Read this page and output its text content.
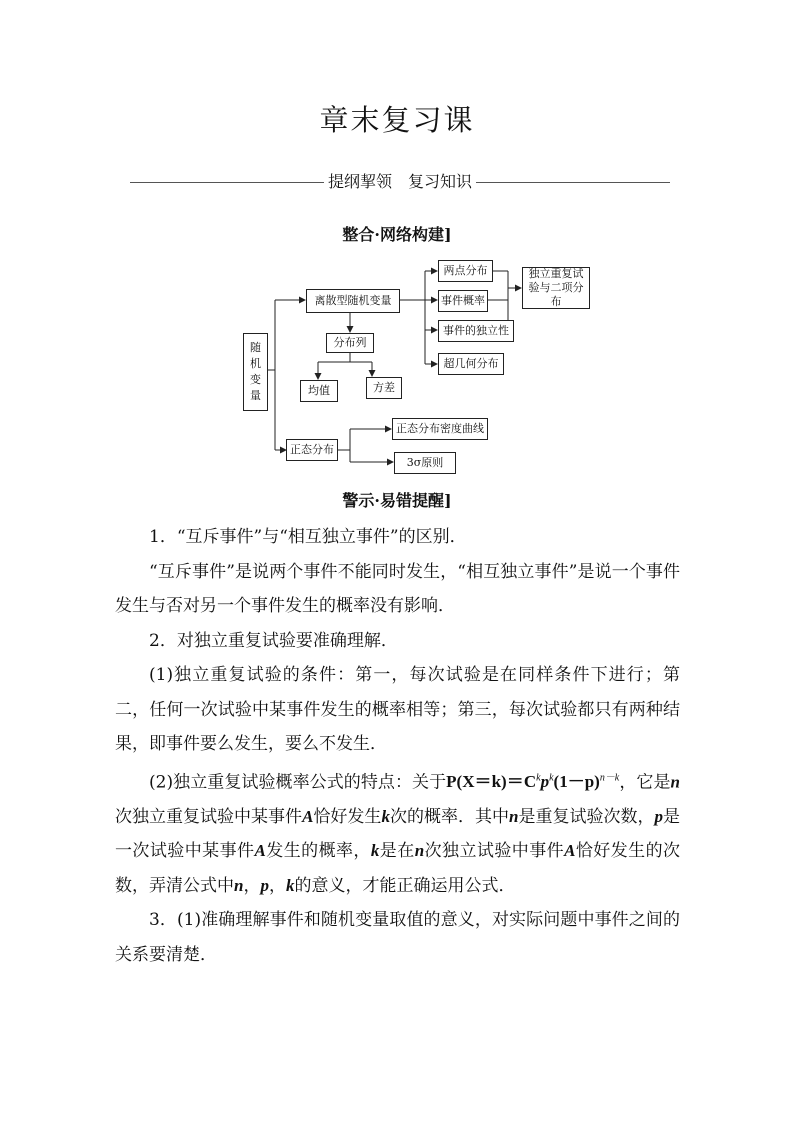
章末复习课
提纲挈领　复习知识
整合·网络构建]
随
机
变
量
离散型随机变量
分布列
均值	方差
两点分布
事件概率
事件的独立性
超几何分布
独立重复试验与二项分布
正态分布
正态分布密度曲线
3σ原则
警示·易错提醒]

1．“互斥事件”与“相互独立事件”的区别．

“互斥事件”是说两个事件不能同时发生，“相互独立事件”是说一个事件发生与否对另一个事件发生的概率没有影响．

2．对独立重复试验要准确理解．

(1)独立重复试验的条件：第一，每次试验是在同样条件下进行；第二，任何一次试验中某事件发生的概率相等；第三，每次试验都只有两种结果，即事件要么发生，要么不发生．

(2)独立重复试验概率公式的特点：关于$P(X=k)=C^kp^k(1-p)^{n-k}$，它是n次独立重复试验中某事件A恰好发生k次的概率．其中n是重复试验次数，p是一次试验中某事件A发生的概率，k是在n次独立试验中事件A恰好发生的次数，弄清公式中n，p，k的意义，才能正确运用公式．

3．(1)准确理解事件和随机变量取值的意义，对实际问题中事件之间的关系要清楚．
